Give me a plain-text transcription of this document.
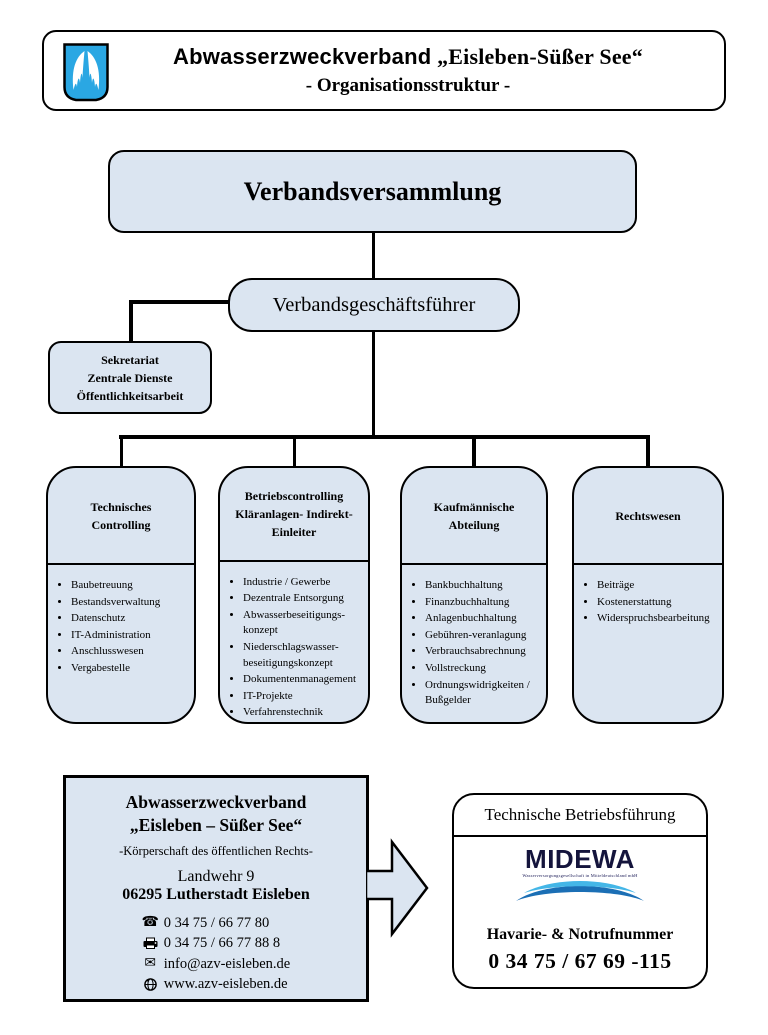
Abwasserzweckverband „Eisleben-Süßer See“
- Organisationsstruktur -
Verbandsversammlung
Verbandsgeschäftsführer
Sekretariat
Zentrale Dienste
Öffentlichkeitsarbeit
Technisches
Controlling
• Baubetreuung
• Bestandsverwaltung
• Datenschutz
• IT-Administration
• Anschlusswesen
• Vergabestelle
Betriebscontrolling
Kläranlagen- Indirekt-
Einleiter
• Industrie / Gewerbe
• Dezentrale Entsorgung
• Abwasserbeseitigungs-konzept
• Niederschlagswasser-beseitigungskonzept
• Dokumentenmanagement
• IT-Projekte
• Verfahrenstechnik
Kaufmännische
Abteilung
• Bankbuchhaltung
• Finanzbuchhaltung
• Anlagenbuchhaltung
• Gebühren-veranlagung
• Verbrauchsabrechnung
• Vollstreckung
• Ordnungswidrigkeiten / Bußgelder
Rechtswesen
• Beiträge
• Kostenerstattung
• Widerspruchsbearbeitung
Abwasserzweckverband
„Eisleben – Süßer See“
-Körperschaft des öffentlichen Rechts-
Landwehr 9
06295 Lutherstadt Eisleben
☎ 0 34 75 / 66 77 80
0 34 75 / 66 77 88 8
✉ info@azv-eisleben.de
www.azv-eisleben.de
Technische Betriebsführung
MIDEWA
Wasserversorgungsgesellschaft in Mitteldeutschland mbH
Havarie- & Notrufnummer
0 34 75 / 67 69 -115
